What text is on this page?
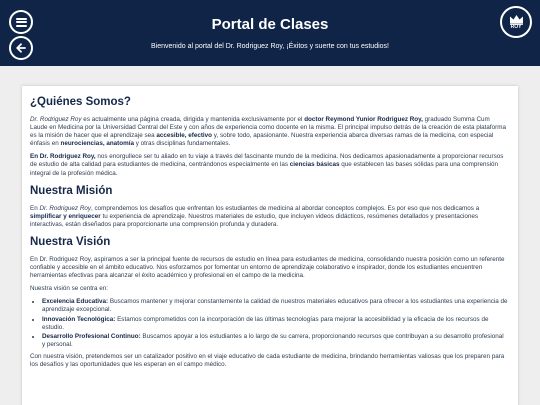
Portal de Clases
Bienvenido al portal del Dr. Rodriguez Roy, ¡Éxitos y suerte con tus estudios!
ROY
¿Quiénes Somos?

Dr. Rodriguez Roy es actualmente una página creada, dirigida y mantenida exclusivamente por el doctor Reymond Yunior Rodriguez Roy, graduado Summa Cum Laude en Medicina por la Universidad Central del Este y con años de experiencia como docente en la misma. El principal impulso detrás de la creación de esta plataforma es la misión de hacer que el aprendizaje sea accesible, efectivo y, sobre todo, apasionante. Nuestra experiencia abarca diversas ramas de la medicina, con especial énfasis en neurociencias, anatomía y otras disciplinas fundamentales.

En Dr. Rodriguez Roy, nos enorgullece ser tu aliado en tu viaje a través del fascinante mundo de la medicina. Nos dedicamos apasionadamente a proporcionar recursos de estudio de alta calidad para estudiantes de medicina, centrándonos especialmente en las ciencias básicas que establecen las bases sólidas para una comprensión integral de la profesión médica.

Nuestra Misión

En Dr. Rodriguez Roy, comprendemos los desafíos que enfrentan los estudiantes de medicina al abordar conceptos complejos. Es por eso que nos dedicamos a simplificar y enriquecer tu experiencia de aprendizaje. Nuestros materiales de estudio, que incluyen videos didácticos, resúmenes detallados y presentaciones interactivas, están diseñados para proporcionarte una comprensión profunda y duradera.

Nuestra Visión

En Dr. Rodriguez Roy, aspiramos a ser la principal fuente de recursos de estudio en línea para estudiantes de medicina, consolidando nuestra posición como un referente confiable y accesible en el ámbito educativo. Nos esforzamos por fomentar un entorno de aprendizaje colaborativo e inspirador, donde los estudiantes encuentren herramientas efectivas para alcanzar el éxito académico y profesional en el campo de la medicina.

Nuestra visión se centra en:

• Excelencia Educativa: Buscamos mantener y mejorar constantemente la calidad de nuestros materiales educativos para ofrecer a los estudiantes una experiencia de aprendizaje excepcional.
• Innovación Tecnológica: Estamos comprometidos con la incorporación de las últimas tecnologías para mejorar la accesibilidad y la eficacia de los recursos de estudio.
• Desarrollo Profesional Continuo: Buscamos apoyar a los estudiantes a lo largo de su carrera, proporcionando recursos que contribuyan a su desarrollo profesional y personal.

Con nuestra visión, pretendemos ser un catalizador positivo en el viaje educativo de cada estudiante de medicina, brindando herramientas valiosas que los preparen para los desafíos y las oportunidades que les esperan en el campo médico.
